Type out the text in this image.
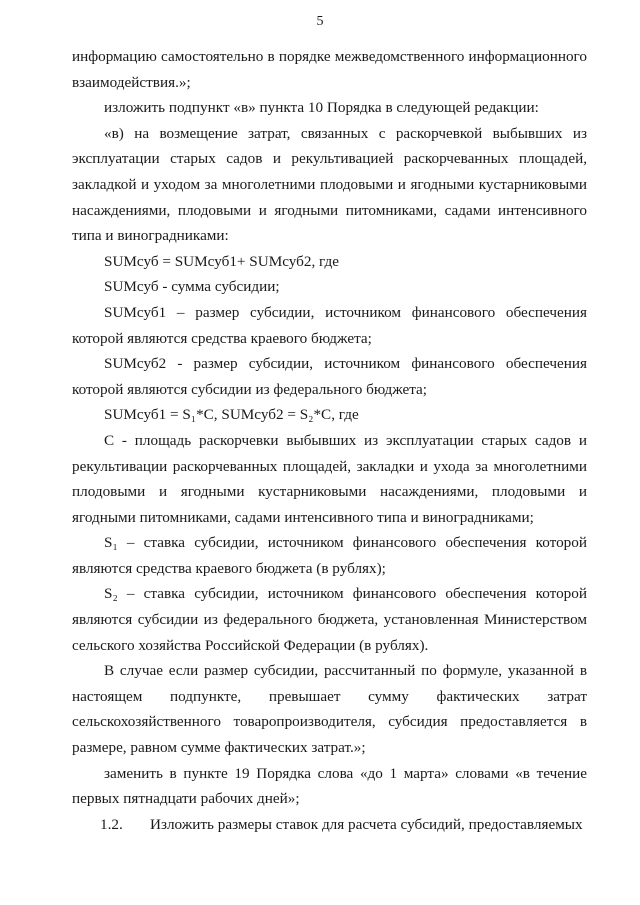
5

информацию самостоятельно в порядке межведомственного информационного взаимодействия.»;

изложить подпункт «в» пункта 10 Порядка в следующей редакции:

«в) на возмещение затрат, связанных с раскорчевкой выбывших из эксплуатации старых садов и рекультивацией раскорчеванных площадей, закладкой и уходом за многолетними плодовыми и ягодными кустарниковыми насаждениями, плодовыми и ягодными питомниками, садами интенсивного типа и виноградниками:

SUMсуб = SUMсуб1+ SUMсуб2, где

SUMсуб - сумма субсидии;

SUMсуб1 – размер субсидии, источником финансового обеспечения которой являются средства краевого бюджета;

SUMсуб2 - размер субсидии, источником финансового обеспечения которой являются субсидии из федерального бюджета;

SUMсуб1 = S₁*C, SUMсуб2 = S₂*C, где

С - площадь раскорчевки выбывших из эксплуатации старых садов и рекультивации раскорчеванных площадей, закладки и ухода за многолетними плодовыми и ягодными кустарниковыми насаждениями, плодовыми и ягодными питомниками, садами интенсивного типа и виноградниками;

S₁ – ставка субсидии, источником финансового обеспечения которой являются средства краевого бюджета (в рублях);

S₂ – ставка субсидии, источником финансового обеспечения которой являются субсидии из федерального бюджета, установленная Министерством сельского хозяйства Российской Федерации (в рублях).

В случае если размер субсидии, рассчитанный по формуле, указанной в настоящем подпункте, превышает сумму фактических затрат сельскохозяйственного товаропроизводителя, субсидия предоставляется в размере, равном сумме фактических затрат.»;

заменить в пункте 19 Порядка слова «до 1 марта» словами «в течение первых пятнадцати рабочих дней»;

1.2.	Изложить размеры ставок для расчета субсидий, предоставляемых
